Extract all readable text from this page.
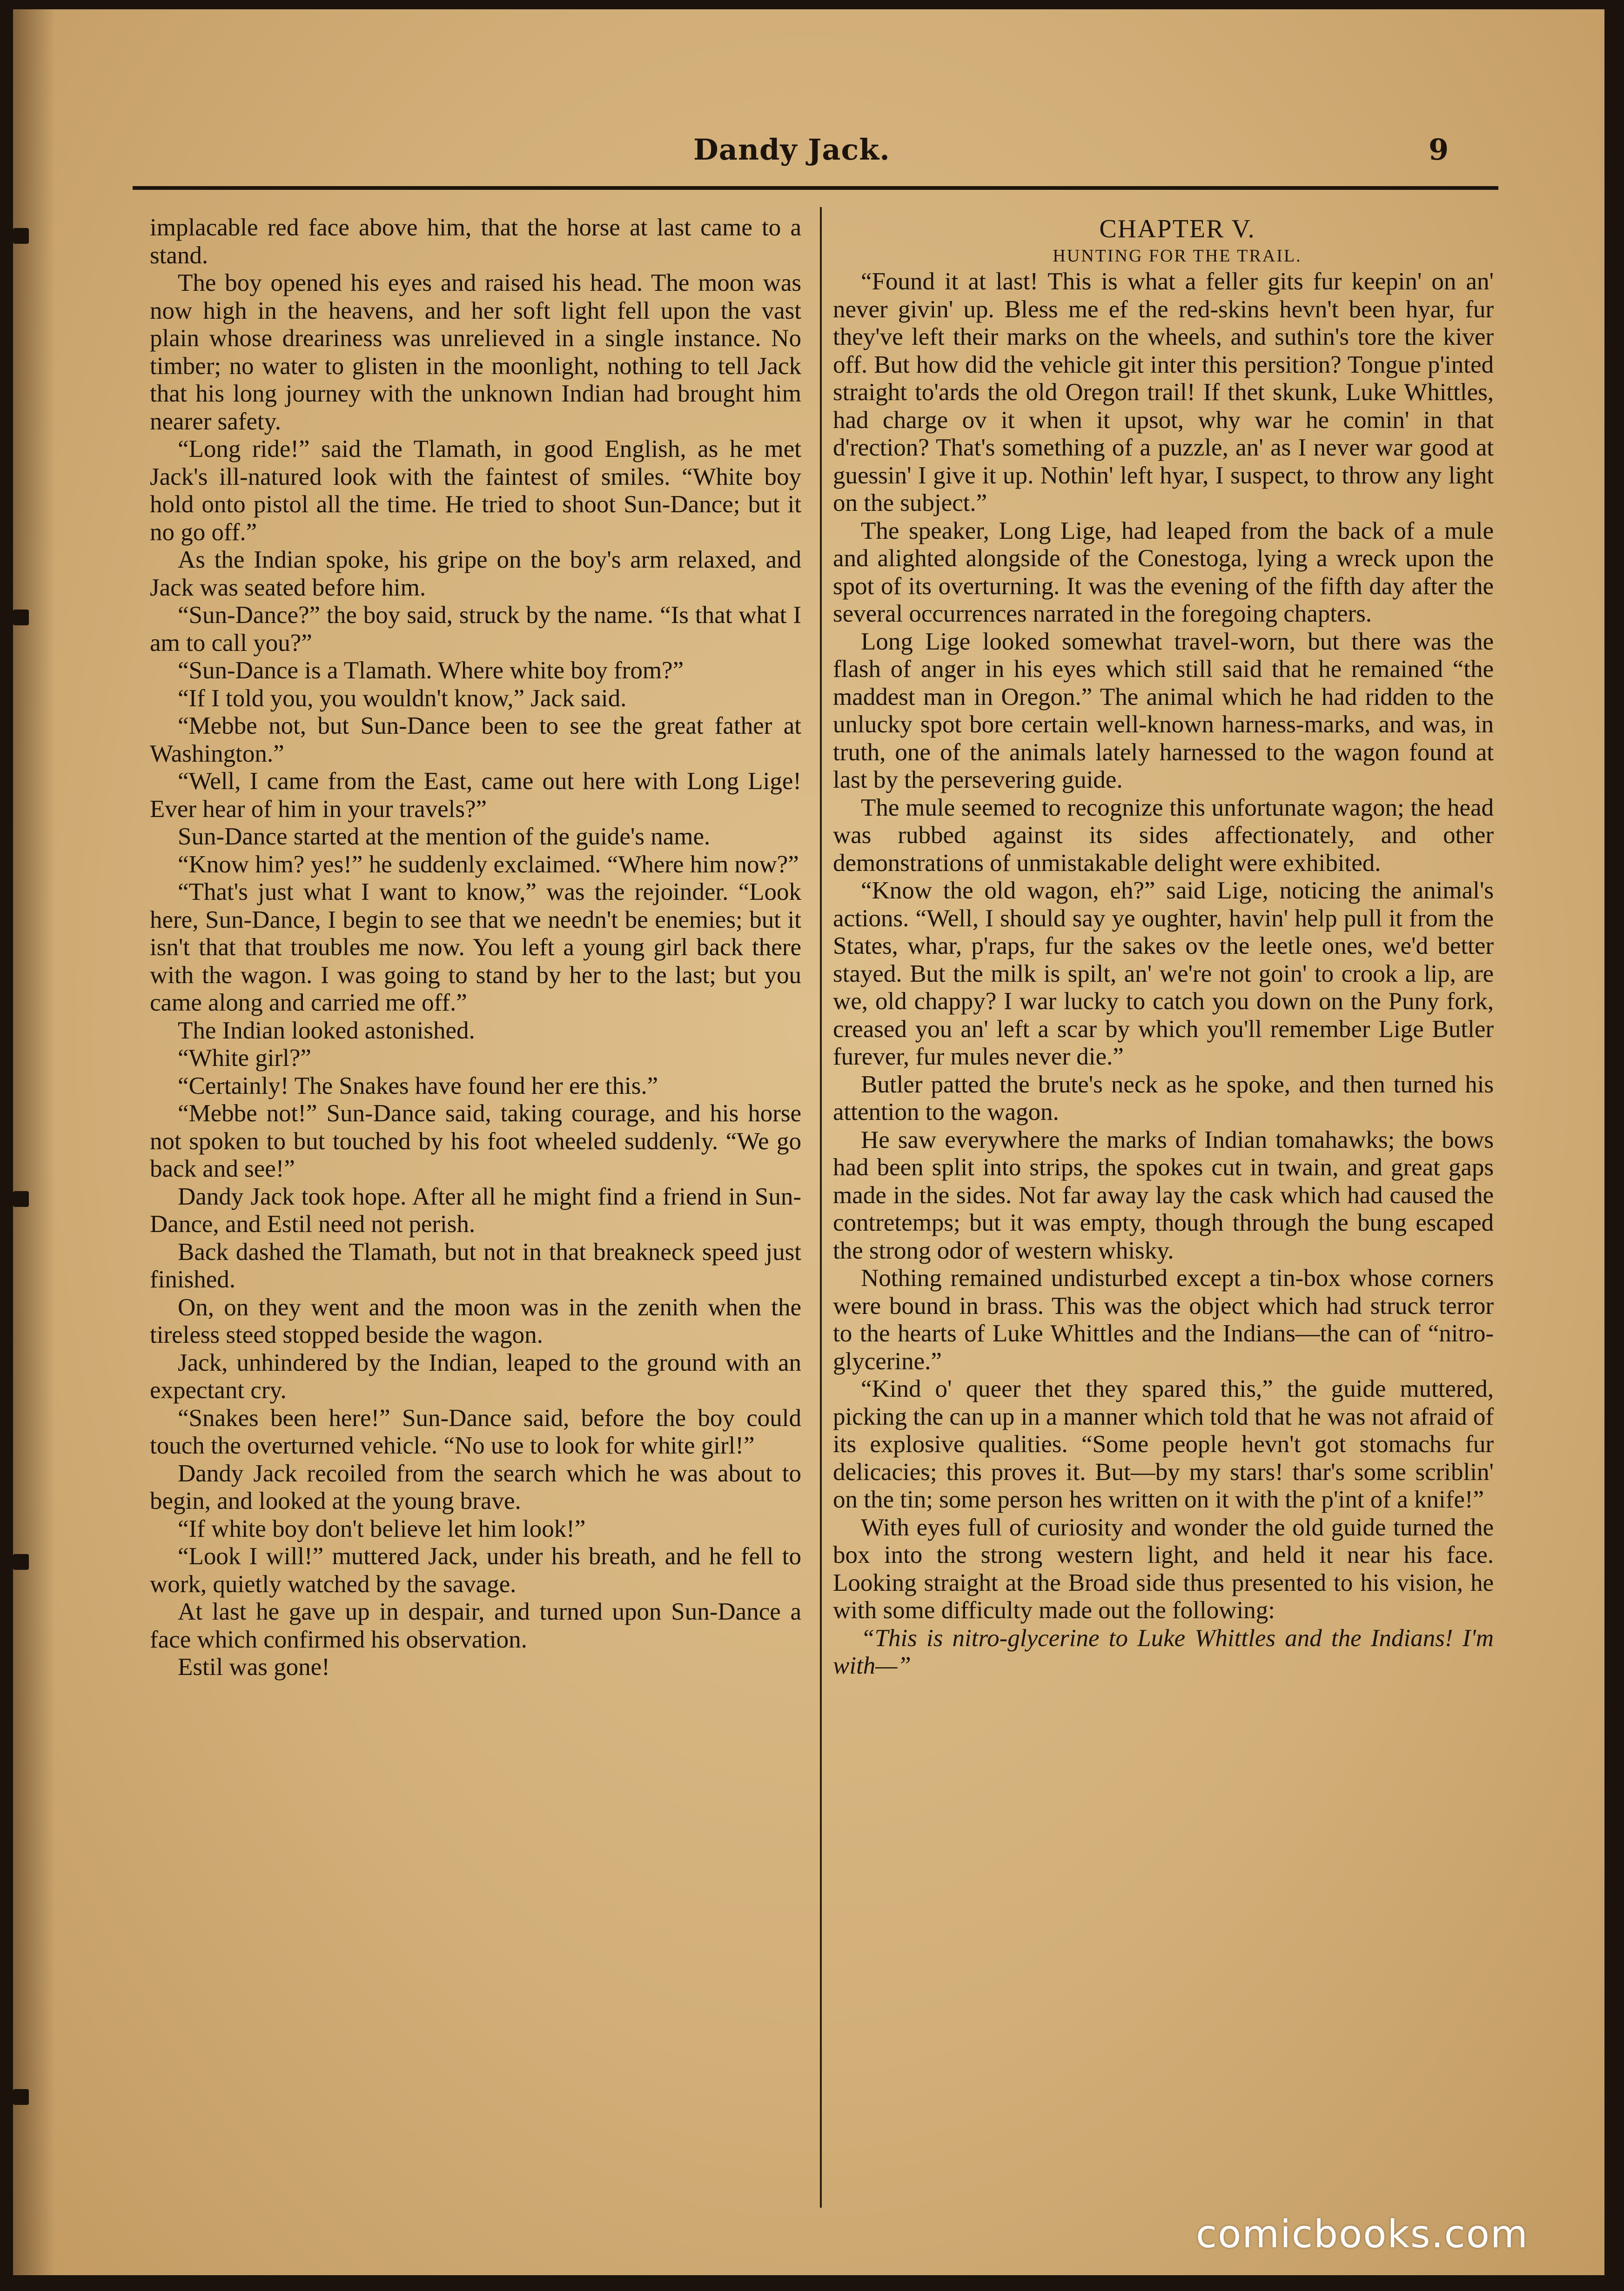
Dandy Jack.	9

implacable red face above him, that the horse at last came to a stand.

The boy opened his eyes and raised his head. The moon was now high in the heavens, and her soft light fell upon the vast plain whose dreariness was unrelieved in a single instance. No timber; no water to glisten in the moonlight, nothing to tell Jack that his long journey with the unknown Indian had brought him nearer safety.

“Long ride!” said the Tlamath, in good English, as he met Jack's ill-natured look with the faintest of smiles. “White boy hold onto pistol all the time. He tried to shoot Sun-Dance; but it no go off.”

As the Indian spoke, his gripe on the boy's arm relaxed, and Jack was seated before him.

“Sun-Dance?” the boy said, struck by the name. “Is that what I am to call you?”

“Sun-Dance is a Tlamath. Where white boy from?”

“If I told you, you wouldn't know,” Jack said.

“Mebbe not, but Sun-Dance been to see the great father at Washington.”

“Well, I came from the East, came out here with Long Lige! Ever hear of him in your travels?”

Sun-Dance started at the mention of the guide's name.

“Know him? yes!” he suddenly exclaimed. “Where him now?”

“That's just what I want to know,” was the rejoinder. “Look here, Sun-Dance, I begin to see that we needn't be enemies; but it isn't that that troubles me now. You left a young girl back there with the wagon. I was going to stand by her to the last; but you came along and carried me off.”

The Indian looked astonished.

“White girl?”

“Certainly! The Snakes have found her ere this.”

“Mebbe not!” Sun-Dance said, taking courage, and his horse not spoken to but touched by his foot wheeled suddenly. “We go back and see!”

Dandy Jack took hope. After all he might find a friend in Sun-Dance, and Estil need not perish.

Back dashed the Tlamath, but not in that breakneck speed just finished.

On, on they went and the moon was in the zenith when the tireless steed stopped beside the wagon.

Jack, unhindered by the Indian, leaped to the ground with an expectant cry.

“Snakes been here!” Sun-Dance said, before the boy could touch the overturned vehicle. “No use to look for white girl!”

Dandy Jack recoiled from the search which he was about to begin, and looked at the young brave.

“If white boy don't believe let him look!”

“Look I will!” muttered Jack, under his breath, and he fell to work, quietly watched by the savage.

At last he gave up in despair, and turned upon Sun-Dance a face which confirmed his observation.

Estil was gone!

CHAPTER V.

HUNTING FOR THE TRAIL.

“Found it at last! This is what a feller gits fur keepin' on an' never givin' up. Bless me ef the red-skins hevn't been hyar, fur they've left their marks on the wheels, and suthin's tore the kiver off. But how did the vehicle git inter this persition? Tongue p'inted straight to'ards the old Oregon trail! If thet skunk, Luke Whittles, had charge ov it when it upsot, why war he comin' in that d'rection? That's something of a puzzle, an' as I never war good at guessin' I give it up. Nothin' left hyar, I suspect, to throw any light on the subject.”

The speaker, Long Lige, had leaped from the back of a mule and alighted alongside of the Conestoga, lying a wreck upon the spot of its overturning. It was the evening of the fifth day after the several occurrences narrated in the foregoing chapters.

Long Lige looked somewhat travel-worn, but there was the flash of anger in his eyes which still said that he remained “the maddest man in Oregon.” The animal which he had ridden to the unlucky spot bore certain well-known harness-marks, and was, in truth, one of the animals lately harnessed to the wagon found at last by the persevering guide.

The mule seemed to recognize this unfortunate wagon; the head was rubbed against its sides affectionately, and other demonstrations of unmistakable delight were exhibited.

“Know the old wagon, eh?” said Lige, noticing the animal's actions. “Well, I should say ye oughter, havin' help pull it from the States, whar, p'raps, fur the sakes ov the leetle ones, we'd better stayed. But the milk is spilt, an' we're not goin' to crook a lip, are we, old chappy? I war lucky to catch you down on the Puny fork, creased you an' left a scar by which you'll remember Lige Butler furever, fur mules never die.”

Butler patted the brute's neck as he spoke, and then turned his attention to the wagon.

He saw everywhere the marks of Indian tomahawks; the bows had been split into strips, the spokes cut in twain, and great gaps made in the sides. Not far away lay the cask which had caused the contretemps; but it was empty, though through the bung escaped the strong odor of western whisky.

Nothing remained undisturbed except a tin-box whose corners were bound in brass. This was the object which had struck terror to the hearts of Luke Whittles and the Indians—the can of “nitro-glycerine.”

“Kind o' queer thet they spared this,” the guide muttered, picking the can up in a manner which told that he was not afraid of its explosive qualities. “Some people hevn't got stomachs fur delicacies; this proves it. But—by my stars! thar's some scriblin' on the tin; some person hes written on it with the p'int of a knife!”

With eyes full of curiosity and wonder the old guide turned the box into the strong western light, and held it near his face. Looking straight at the Broad side thus presented to his vision, he with some difficulty made out the following:

“This is nitro-glycerine to Luke Whittles and the Indians! I'm with—”

comicbooks.com
